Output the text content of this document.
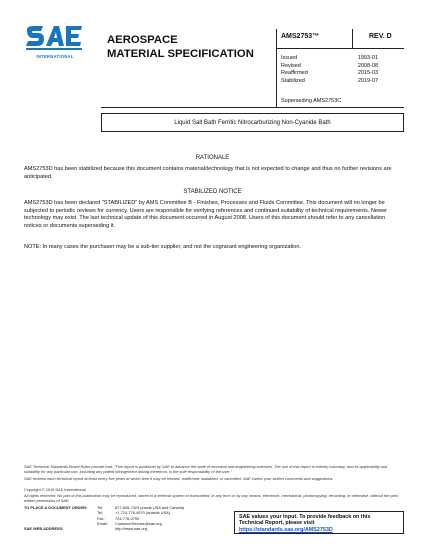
INTERNATIONAL
AEROSPACE
MATERIAL SPECIFICATION
AMS2753™	REV. D
Issued	1993-01
Revised	2008-08
Reaffirmed	2015-03
Stabilized	2019-07
Superseding AMS2753C
Liquid Salt Bath Ferritic Nitrocarburizing Non-Cyanide Bath
RATIONALE
AMS2753D has been stabilized because this document contains material/technology that is not expected to change and thus no further revisions are anticipated.
STABILIZED NOTICE
AMS2753D has been declared "STABILIZED" by AMS Committee B - Finishes, Processes and Fluids Committee. This document will no longer be subjected to periodic reviews for currency. Users are responsible for verifying references and continued suitability of technical requirements. Newer technology may exist. The last technical update of this document occurred in August 2008. Users of this document should refer to any cancellation notices or documents superseding it.
NOTE: In many cases the purchaser may be a sub-tier supplier, and not the cognizant engineering organization.
SAE Technical Standards Board Rules provide that: "This report is published by SAE to advance the state of technical and engineering sciences. The use of this report is entirely voluntary, and its applicability and suitability for any particular use, including any patent infringement arising therefrom, is the sole responsibility of the user."
SAE reviews each technical report at least every five years at which time it may be revised, reaffirmed, stabilized, or cancelled. SAE invites your written comments and suggestions.
Copyright © 2019 SAE International
All rights reserved. No part of this publication may be reproduced, stored in a retrieval system or transmitted, in any form or by any means, electronic, mechanical, photocopying, recording, or otherwise, without the prior written permission of SAE.
TO PLACE A DOCUMENT ORDER:	Tel:	877-606-7323 (inside USA and Canada)
Tel:	+1 724-776-4970 (outside USA)
Fax:	724-776-0790
Email:	CustomerService@sae.org
SAE WEB ADDRESS:	http://www.sae.org
SAE values your input. To provide feedback on this
Technical Report, please visit
https://standards.sae.org/AMS2753D
